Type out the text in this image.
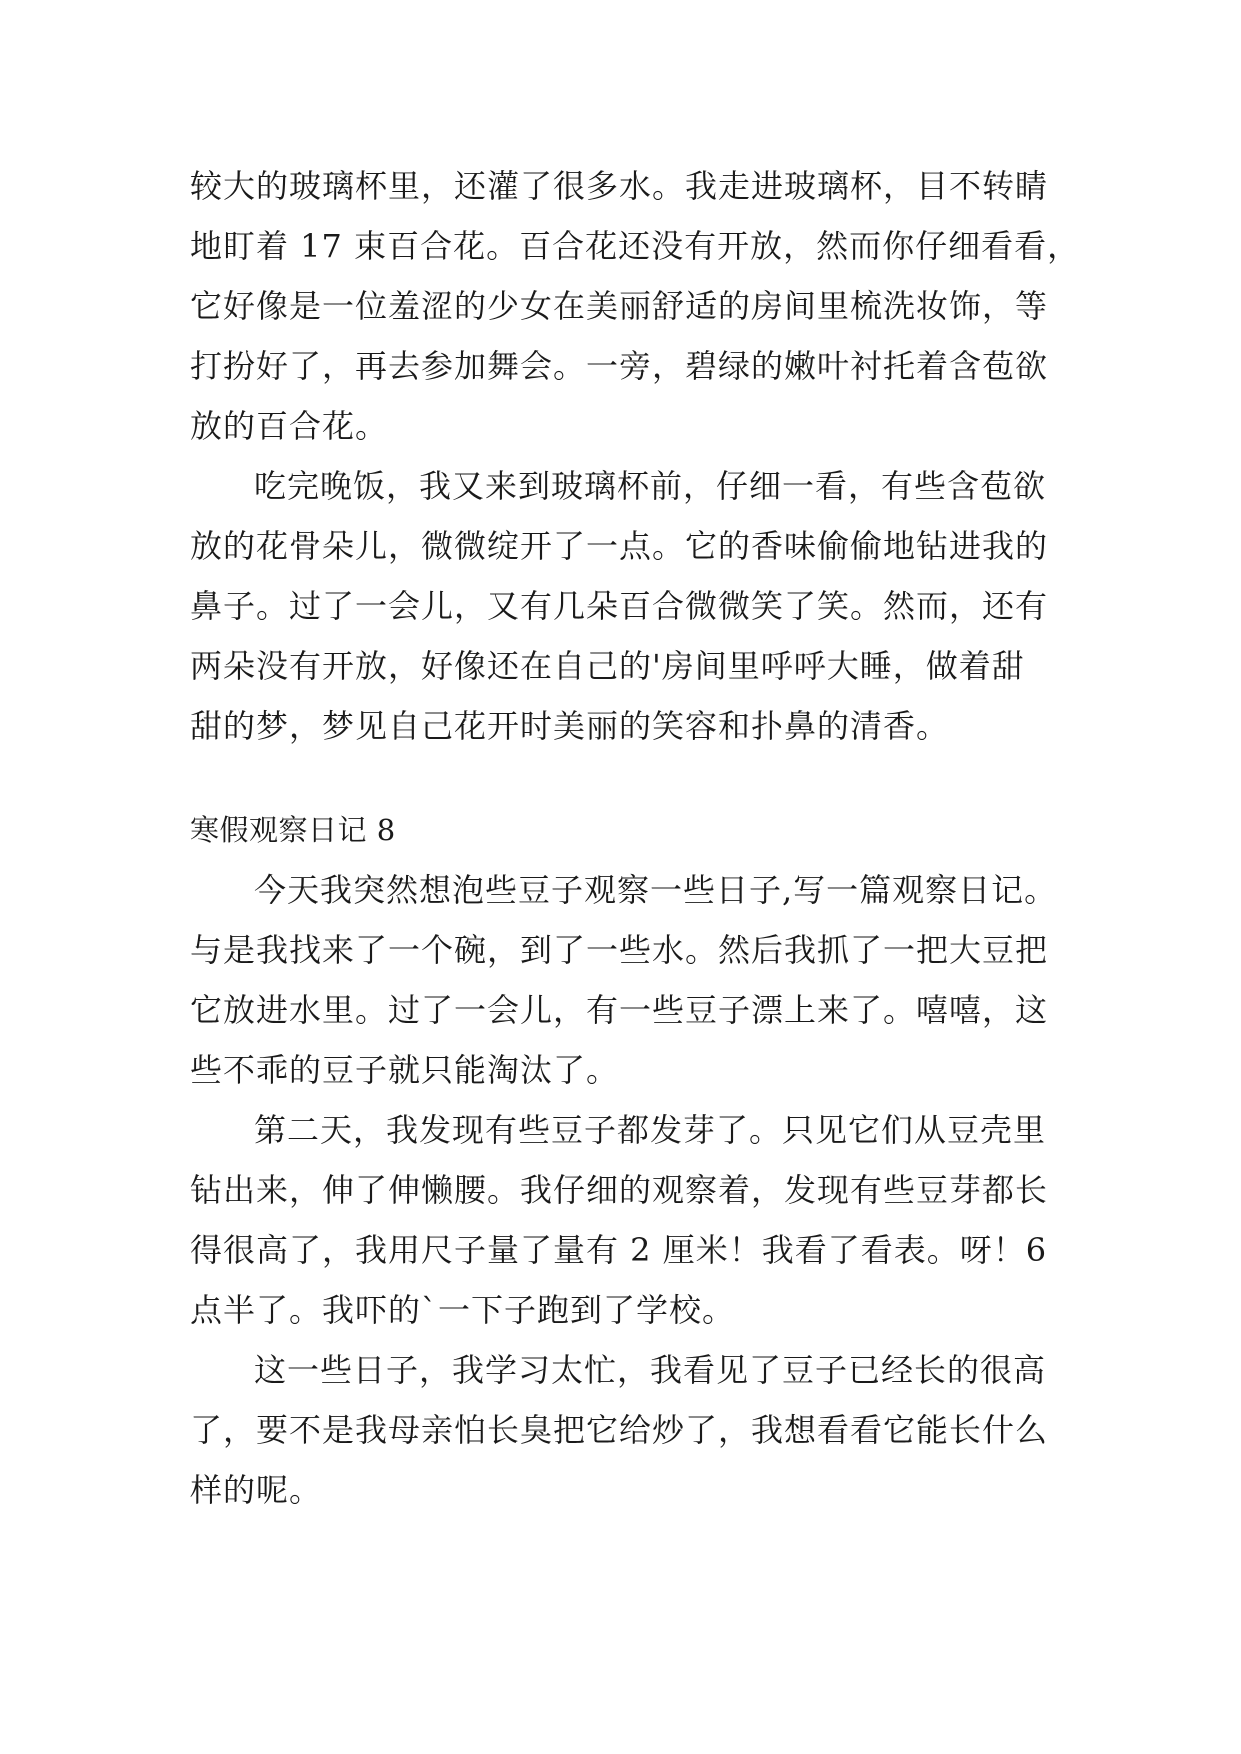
较大的玻璃杯里，还灌了很多水。我走进玻璃杯，目不转睛
地盯着 17 束百合花。百合花还没有开放，然而你仔细看看，
它好像是一位羞涩的少女在美丽舒适的房间里梳洗妆饰，等
打扮好了，再去参加舞会。一旁，碧绿的嫩叶衬托着含苞欲
放的百合花。
吃完晚饭，我又来到玻璃杯前，仔细一看，有些含苞欲
放的花骨朵儿，微微绽开了一点。它的香味偷偷地钻进我的
鼻子。过了一会儿，又有几朵百合微微笑了笑。然而，还有
两朵没有开放，好像还在自己的'房间里呼呼大睡，做着甜
甜的梦，梦见自己花开时美丽的笑容和扑鼻的清香。
寒假观察日记 8
今天我突然想泡些豆子观察一些日子,写一篇观察日记。
与是我找来了一个碗，到了一些水。然后我抓了一把大豆把
它放进水里。过了一会儿，有一些豆子漂上来了。嘻嘻，这
些不乖的豆子就只能淘汰了。
第二天，我发现有些豆子都发芽了。只见它们从豆壳里
钻出来，伸了伸懒腰。我仔细的观察着，发现有些豆芽都长
得很高了，我用尺子量了量有 2 厘米！我看了看表。呀！6
点半了。我吓的`一下子跑到了学校。
这一些日子，我学习太忙，我看见了豆子已经长的很高
了，要不是我母亲怕长臭把它给炒了，我想看看它能长什么
样的呢。
